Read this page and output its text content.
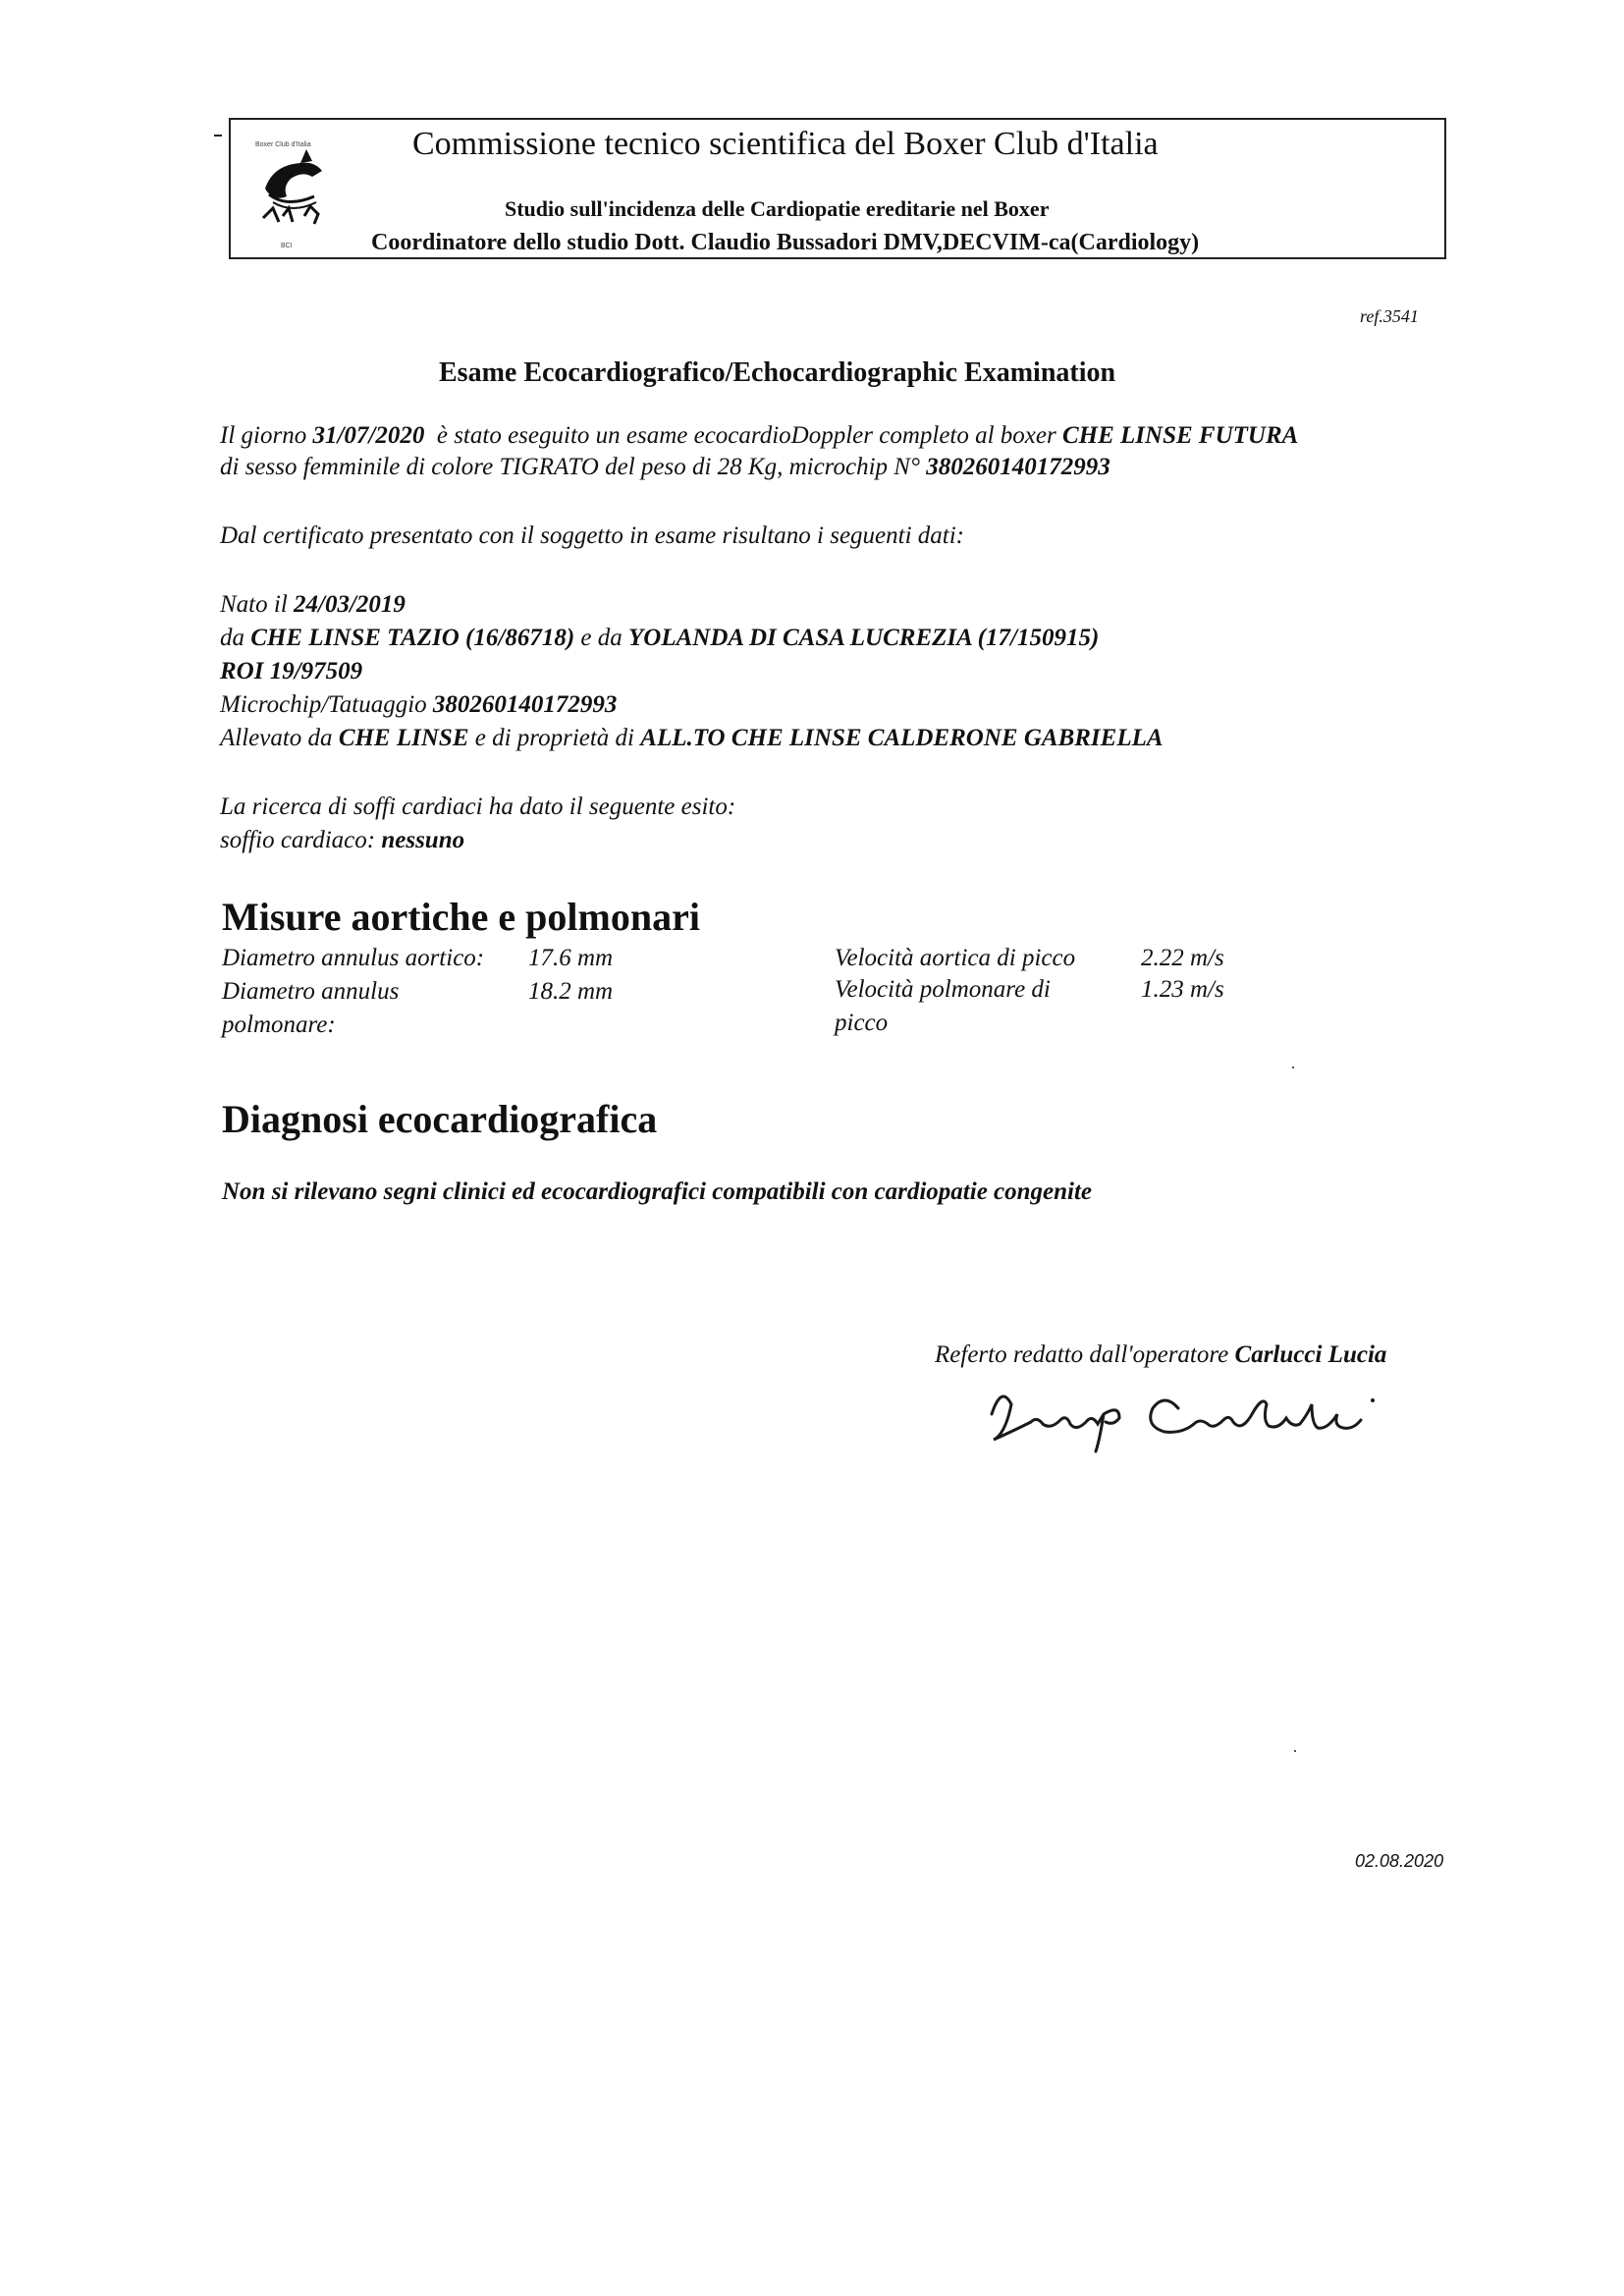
Boxer Club d'Italia
BCI
Commissione tecnico scientifica del Boxer Club d'Italia
Studio sull'incidenza delle Cardiopatie ereditarie nel Boxer
Coordinatore dello studio Dott. Claudio Bussadori DMV,DECVIM-ca(Cardiology)
ref.3541
Esame Ecocardiografico/Echocardiographic Examination
Il giorno 31/07/2020 è stato eseguito un esame ecocardioDoppler completo al boxer CHE LINSE FUTURA
di sesso femminile di colore TIGRATO del peso di 28 Kg, microchip N° 380260140172993
Dal certificato presentato con il soggetto in esame risultano i seguenti dati:
Nato il 24/03/2019
da CHE LINSE TAZIO (16/86718) e da YOLANDA DI CASA LUCREZIA (17/150915)
ROI 19/97509
Microchip/Tatuaggio 380260140172993
Allevato da CHE LINSE e di proprietà di ALL.TO CHE LINSE CALDERONE GABRIELLA
La ricerca di soffi cardiaci ha dato il seguente esito:
soffio cardiaco: nessuno
Misure aortiche e polmonari
Diametro annulus aortico: 17.6 mm
Diametro annulus
polmonare:
18.2 mm
Velocità aortica di picco	2.22 m/s
Velocità polmonare di
picco
1.23 m/s
Diagnosi ecocardiografica
Non si rilevano segni clinici ed ecocardiografici compatibili con cardiopatie congenite
Referto redatto dall'operatore Carlucci Lucia
02.08.2020
